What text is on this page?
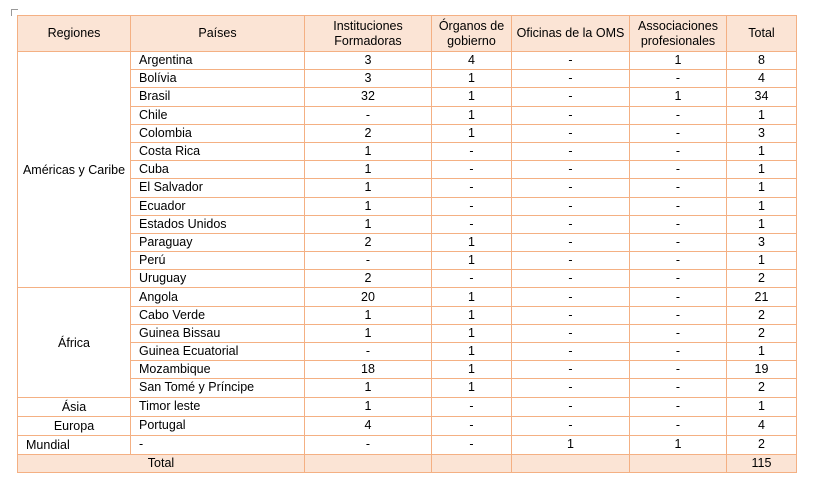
Regiones	Países	Instituciones Formadoras	Órganos de gobierno	Oficinas de la OMS	Associaciones profesionales	Total
Américas y Caribe	Argentina	3	4	-	1	8
	Bolívia	3	1	-	-	4
	Brasil	32	1	-	1	34
	Chile	-	1	-	-	1
	Colombia	2	1	-	-	3
	Costa Rica	1	-	-	-	1
	Cuba	1	-	-	-	1
	El Salvador	1	-	-	-	1
	Ecuador	1	-	-	-	1
	Estados Unidos	1	-	-	-	1
	Paraguay	2	1	-	-	3
	Perú	-	1	-	-	1
	Uruguay	2	-	-	-	2
África	Angola	20	1	-	-	21
	Cabo Verde	1	1	-	-	2
	Guinea Bissau	1	1	-	-	2
	Guinea Ecuatorial	-	1	-	-	1
	Mozambique	18	1	-	-	19
	San Tomé y Príncipe	1	1	-	-	2
Ásia	Timor leste	1	-	-	-	1
Europa	Portugal	4	-	-	-	4
Mundial	-	-	-	1	1	2
Total						115
